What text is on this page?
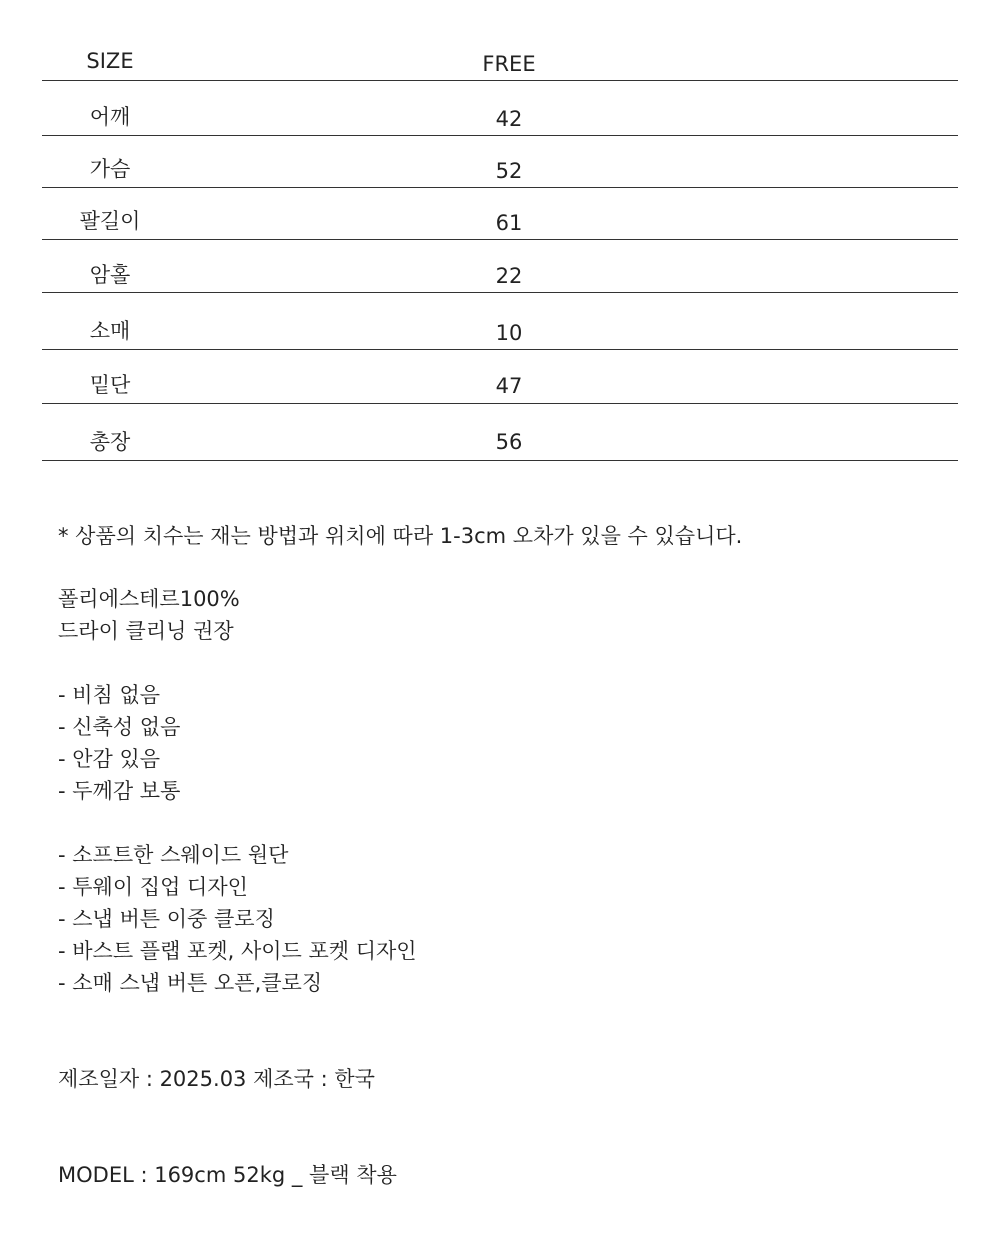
SIZE	FREE
어깨	42
가슴	52
팔길이	61
암홀	22
소매	10
밑단	47
총장	56
* 상품의 치수는 재는 방법과 위치에 따라 1-3cm 오차가 있을 수 있습니다.
폴리에스테르100%
드라이 클리닝 권장
- 비침 없음
- 신축성 없음
- 안감 있음
- 두께감 보통
- 소프트한 스웨이드 원단
- 투웨이 집업 디자인
- 스냅 버튼 이중 클로징
- 바스트 플랩 포켓, 사이드 포켓 디자인
- 소매 스냅 버튼 오픈,클로징
제조일자 : 2025.03 제조국 : 한국
MODEL : 169cm 52kg _ 블랙 착용
